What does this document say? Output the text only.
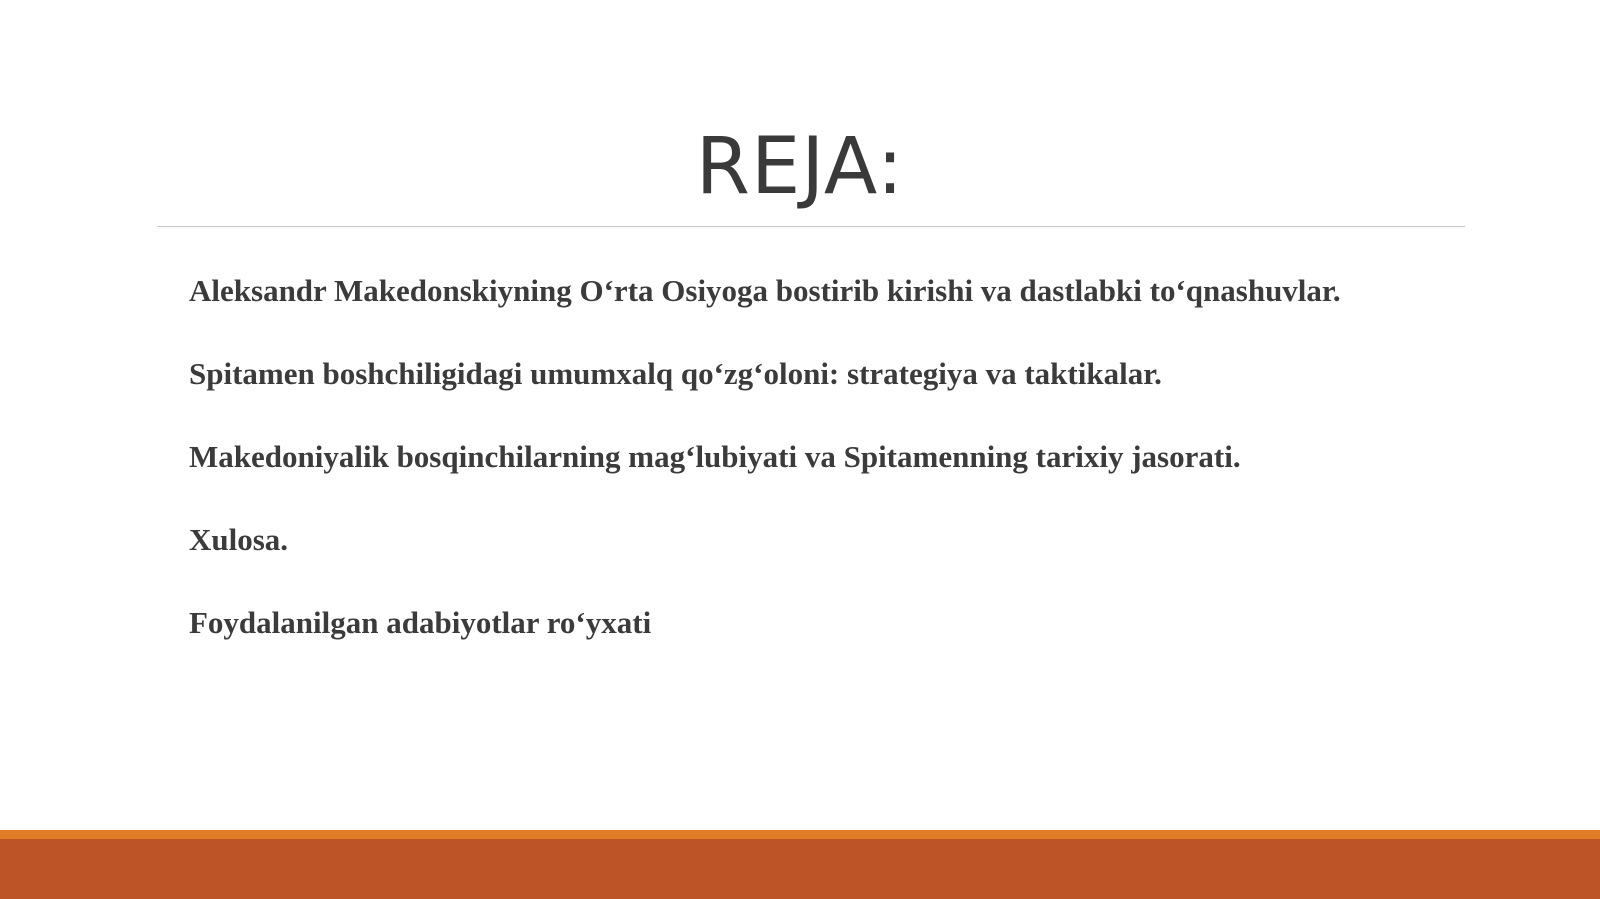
REJA:
Aleksandr Makedonskiyning O‘rta Osiyoga bostirib kirishi va dastlabki to‘qnashuvlar.
Spitamen boshchiligidagi umumxalq qo‘zg‘oloni: strategiya va taktikalar.
Makedoniyalik bosqinchilarning mag‘lubiyati va Spitamenning tarixiy jasorati.
Xulosa.
Foydalanilgan adabiyotlar ro‘yxati
